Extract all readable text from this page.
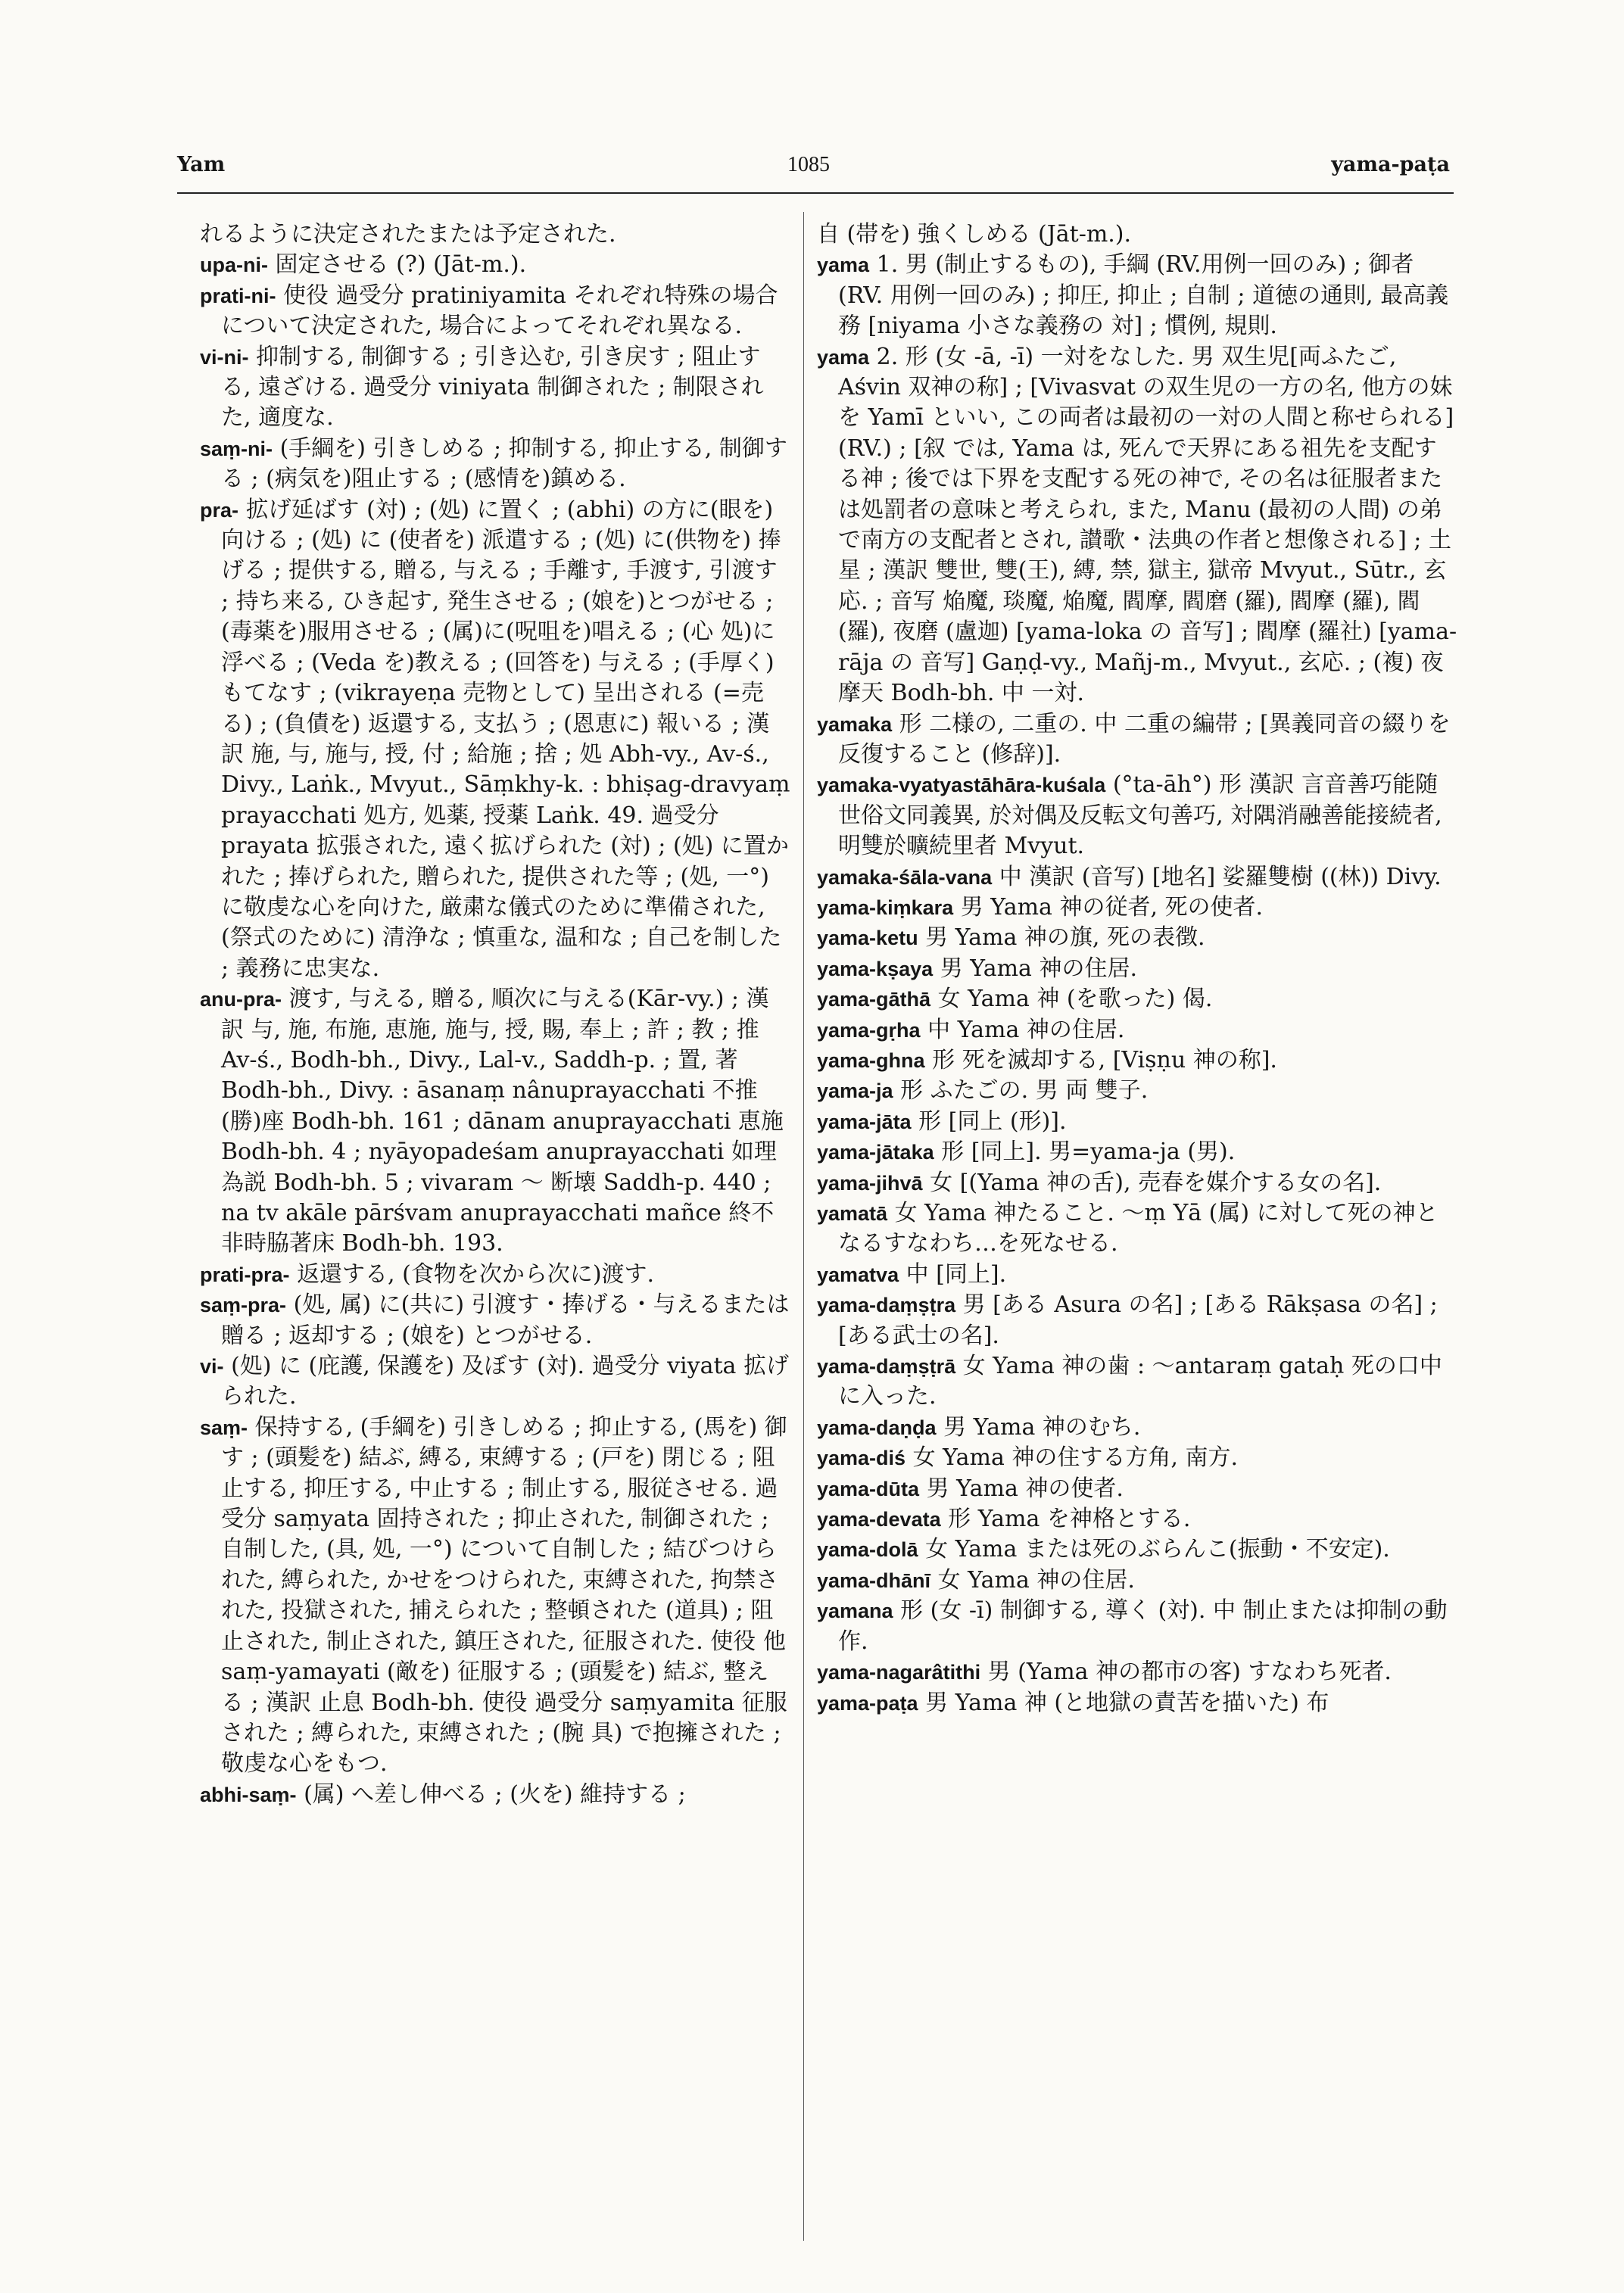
Yam	1085	yama-paṭa

れるように決定されたまたは予定された.

upa-ni- 固定させる (?) (Jāt-m.).

prati-ni- 使役 過受分 pratiniyamita それぞれ特殊の場合について決定された, 場合によってそれぞれ異なる.

vi-ni- 抑制する, 制御する ; 引き込む, 引き戻す ; 阻止する, 遠ざける. 過受分 viniyata 制御された ; 制限された, 適度な.

saṃ-ni- (手綱を) 引きしめる ; 抑制する, 抑止する, 制御する ; (病気を)阻止する ; (感情を)鎮める.

pra- 拡げ延ばす (対) ; (処) に置く ; (abhi) の方に(眼を) 向ける ; (処) に (使者を) 派遣する ; (処) に(供物を) 捧げる ; 提供する, 贈る, 与える ; 手離す, 手渡す, 引渡す ; 持ち来る, ひき起す, 発生させる ; (娘を)とつがせる ; (毒薬を)服用させる ; (属)に(呪咀を)唱える ; (心 処)に浮べる ; (Veda を)教える ; (回答を) 与える ; (手厚く) もてなす ; (vikrayeṇa 売物として) 呈出される (=売る) ; (負債を) 返還する, 支払う ; (恩恵に) 報いる ; 漢訳 施, 与, 施与, 授, 付 ; 給施 ; 捨 ; 処 Abh-vy., Av-ś., Divy., Laṅk., Mvyut., Sāṃkhy-k. : bhiṣag-dravyaṃ prayacchati 処方, 処薬, 授薬 Laṅk. 49. 過受分 prayata 拡張された, 遠く拡げられた (対) ; (処) に置かれた ; 捧げられた, 贈られた, 提供された等 ; (処, 一°) に敬虔な心を向けた, 厳粛な儀式のために準備された, (祭式のために) 清浄な ; 慎重な, 温和な ; 自己を制した ; 義務に忠実な.

anu-pra- 渡す, 与える, 贈る, 順次に与える(Kār-vy.) ; 漢訳 与, 施, 布施, 恵施, 施与, 授, 賜, 奉上 ; 許 ; 教 ; 推 Av-ś., Bodh-bh., Divy., Lal-v., Saddh-p. ; 置, 著 Bodh-bh., Divy. : āsanaṃ nânuprayacchati 不推(勝)座 Bodh-bh. 161 ; dānam anuprayacchati 恵施 Bodh-bh. 4 ; nyāyopadeśam anuprayacchati 如理為説 Bodh-bh. 5 ; vivaram ～ 断壊 Saddh-p. 440 ; na tv akāle pārśvam anuprayacchati mañce 終不非時脇著床 Bodh-bh. 193.

prati-pra- 返還する, (食物を次から次に)渡す.

saṃ-pra- (処, 属) に(共に) 引渡す・捧げる・与えるまたは贈る ; 返却する ; (娘を) とつがせる.

vi- (処) に (庇護, 保護を) 及ぼす (対). 過受分 viyata 拡げられた.

saṃ- 保持する, (手綱を) 引きしめる ; 抑止する, (馬を) 御す ; (頭髪を) 結ぶ, 縛る, 束縛する ; (戸を) 閉じる ; 阻止する, 抑圧する, 中止する ; 制止する, 服従させる. 過受分 saṃyata 固持された ; 抑止された, 制御された ; 自制した, (具, 処, 一°) について自制した ; 結びつけられた, 縛られた, かせをつけられた, 束縛された, 拘禁された, 投獄された, 捕えられた ; 整頓された (道具) ; 阻止された, 制止された, 鎮圧された, 征服された. 使役 他 saṃ-yamayati (敵を) 征服する ; (頭髪を) 結ぶ, 整える ; 漢訳 止息 Bodh-bh. 使役 過受分 saṃyamita 征服された ; 縛られた, 束縛された ; (腕 具) で抱擁された ; 敬虔な心をもつ.

abhi-saṃ- (属) へ差し伸べる ; (火を) 維持する ;

自 (帯を) 強くしめる (Jāt-m.).

yama 1. 男 (制止するもの), 手綱 (RV.用例一回のみ) ; 御者 (RV. 用例一回のみ) ; 抑圧, 抑止 ; 自制 ; 道徳の通則, 最高義務 [niyama 小さな義務の 対] ; 慣例, 規則.

yama 2. 形 (女 -ā, -ī) 一対をなした. 男 双生児[両ふたご, Aśvin 双神の称] ; [Vivasvat の双生児の一方の名, 他方の妹を Yamī といい, この両者は最初の一対の人間と称せられる] (RV.) ; [叙 では, Yama は, 死んで天界にある祖先を支配する神 ; 後では下界を支配する死の神で, その名は征服者または処罰者の意味と考えられ, また, Manu (最初の人間) の弟で南方の支配者とされ, 讃歌・法典の作者と想像される] ; 土星 ; 漢訳 雙世, 雙(王), 縛, 禁, 獄主, 獄帝 Mvyut., Sūtr., 玄応. ; 音写 焔魔, 琰魔, 焔魔, 閻摩, 閻磨 (羅), 閻摩 (羅), 閻(羅), 夜磨 (盧迦) [yama-loka の 音写] ; 閻摩 (羅社) [yama-rāja の 音写] Gaṇḍ-vy., Mañj-m., Mvyut., 玄応. ; (複) 夜摩天 Bodh-bh. 中 一対.

yamaka 形 二様の, 二重の. 中 二重の編帯 ; [異義同音の綴りを反復すること (修辞)].

yamaka-vyatyastāhāra-kuśala (°ta-āh°) 形 漢訳 言音善巧能随世俗文同義異, 於対偶及反転文句善巧, 対隅消融善能接続者, 明雙於曠続里者 Mvyut.

yamaka-śāla-vana 中 漢訳 (音写) [地名] 娑羅雙樹 ((林)) Divy.

yama-kiṃkara 男 Yama 神の従者, 死の使者.

yama-ketu 男 Yama 神の旗, 死の表徴.

yama-kṣaya 男 Yama 神の住居.

yama-gāthā 女 Yama 神 (を歌った) 偈.

yama-gṛha 中 Yama 神の住居.

yama-ghna 形 死を滅却する, [Viṣṇu 神の称].

yama-ja 形 ふたごの. 男 両 雙子.

yama-jāta 形 [同上 (形)].

yama-jātaka 形 [同上]. 男=yama-ja (男).

yama-jihvā 女 [(Yama 神の舌), 売春を媒介する女の名].

yamatā 女 Yama 神たること. ～ṃ Yā (属) に対して死の神となるすなわち…を死なせる.

yamatva 中 [同上].

yama-daṃṣṭra 男 [ある Asura の名] ; [ある Rākṣasa の名] ; [ある武士の名].

yama-daṃṣṭrā 女 Yama 神の歯 : ～antaraṃ gataḥ 死の口中に入った.

yama-daṇḍa 男 Yama 神のむち.

yama-diś 女 Yama 神の住する方角, 南方.

yama-dūta 男 Yama 神の使者.

yama-devata 形 Yama を神格とする.

yama-dolā 女 Yama または死のぶらんこ(振動・不安定).

yama-dhānī 女 Yama 神の住居.

yamana 形 (女 -ī) 制御する, 導く (対). 中 制止または抑制の動作.

yama-nagarâtithi 男 (Yama 神の都市の客) すなわち死者.

yama-paṭa 男 Yama 神 (と地獄の責苦を描いた) 布
